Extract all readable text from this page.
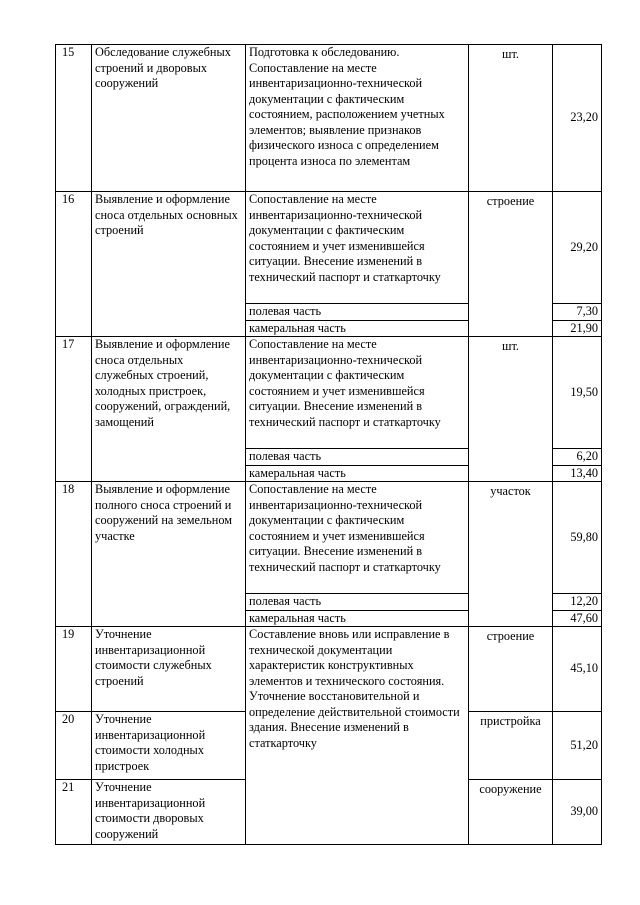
15	Обследование служебных строений и дворовых сооружений	Подготовка к обследованию. Сопоставление на месте инвентаризационно-технической документации с фактическим состоянием, расположением учетных элементов; выявление признаков физического износа с определением процента износа по элементам	шт.	23,20
16	Выявление и оформление сноса отдельных основных строений	Сопоставление на месте инвентаризационно-технической документации с фактическим состоянием и учет изменившейся ситуации. Внесение изменений в технический паспорт и статкарточку	строение	29,20
		полевая часть		7,30
		камеральная часть		21,90
17	Выявление и оформление сноса отдельных служебных строений, холодных пристроек, сооружений, ограждений, замощений	Сопоставление на месте инвентаризационно-технической документации с фактическим состоянием и учет изменившейся ситуации. Внесение изменений в технический паспорт и статкарточку	шт.	19,50
		полевая часть		6,20
		камеральная часть		13,40
18	Выявление и оформление полного сноса строений и сооружений на земельном участке	Сопоставление на месте инвентаризационно-технической документации с фактическим состоянием и учет изменившейся ситуации. Внесение изменений в технический паспорт и статкарточку	участок	59,80
		полевая часть		12,20
		камеральная часть		47,60
19	Уточнение инвентаризационной стоимости служебных строений	Составление вновь или исправление в технической документации характеристик конструктивных элементов и технического состояния.
Уточнение восстановительной и определение действительной стоимости здания. Внесение изменений в статкарточку	строение	45,10
20	Уточнение инвентаризационной стоимости холодных пристроек		пристройка	51,20
21	Уточнение инвентаризационной стоимости дворовых сооружений		сооружение	39,00
